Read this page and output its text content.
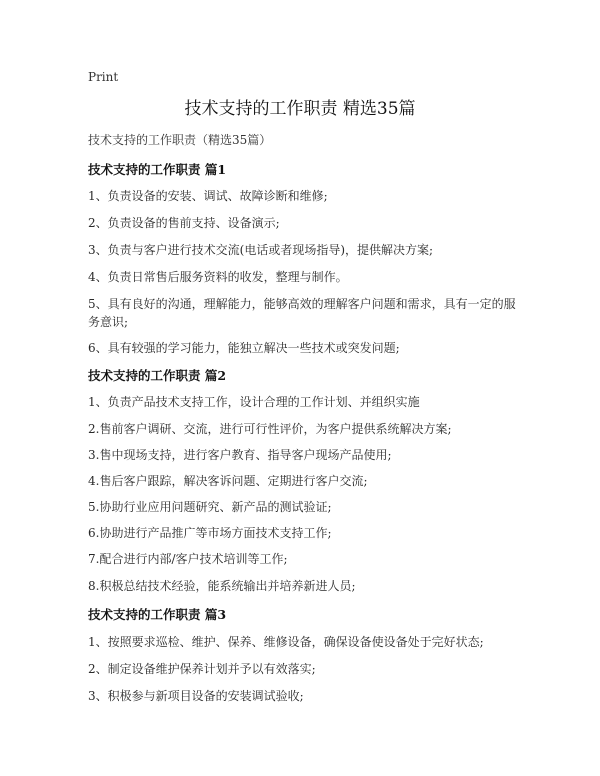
Print
技术支持的工作职责 精选35篇
技术支持的工作职责（精选35篇）
技术支持的工作职责 篇1

1、负责设备的安装、调试、故障诊断和维修;

2、负责设备的售前支持、设备演示;

3、负责与客户进行技术交流(电话或者现场指导)，提供解决方案;

4、负责日常售后服务资料的收发，整理与制作。

5、具有良好的沟通，理解能力，能够高效的理解客户问题和需求，具有一定的服务意识;

6、具有较强的学习能力，能独立解决一些技术或突发问题;

技术支持的工作职责 篇2

1、负责产品技术支持工作，设计合理的工作计划、并组织实施

2.售前客户调研、交流，进行可行性评价，为客户提供系统解决方案;

3.售中现场支持，进行客户教育、指导客户现场产品使用;

4.售后客户跟踪，解决客诉问题、定期进行客户交流;

5.协助行业应用问题研究、新产品的测试验证;

6.协助进行产品推广等市场方面技术支持工作;

7.配合进行内部/客户技术培训等工作;

8.积极总结技术经验，能系统输出并培养新进人员;

技术支持的工作职责 篇3

1、按照要求巡检、维护、保养、维修设备，确保设备使设备处于完好状态;

2、制定设备维护保养计划并予以有效落实;

3、积极参与新项目设备的安装调试验收;
